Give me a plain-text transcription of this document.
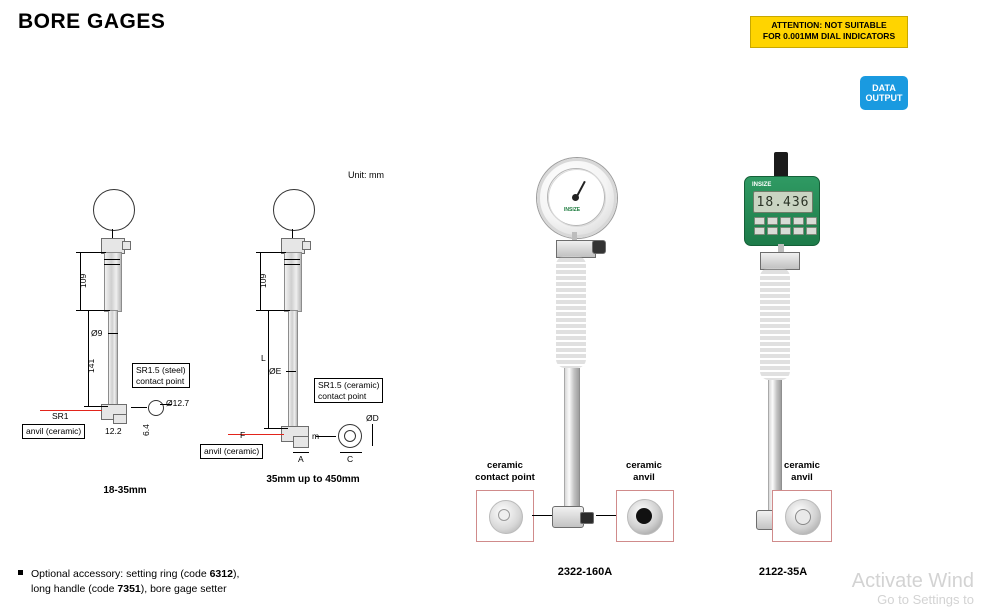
BORE GAGES	ATTENTION: NOT SUITABLE
FOR 0.001MM DIAL INDICATORS
DATA
OUTPUT
Unit: mm
109
141
Ø9
12.2 6.4
Ø12.7
SR1.5 (steel)
contact point
SR1
anvil (ceramic)
18-35mm
109
L
ØE
SR1.5 (ceramic)
contact point
ØD
A	C
m
F
anvil (ceramic)
35mm up to 450mm
INSIZE
ceramic
contact point
ceramic
anvil
2322-160A
INSIZE
18.436
ceramic
anvil
2122-35A
Optional accessory: setting ring (code 6312),
long handle (code 7351), bore gage setter	Activate Wind
Go to Settings to
